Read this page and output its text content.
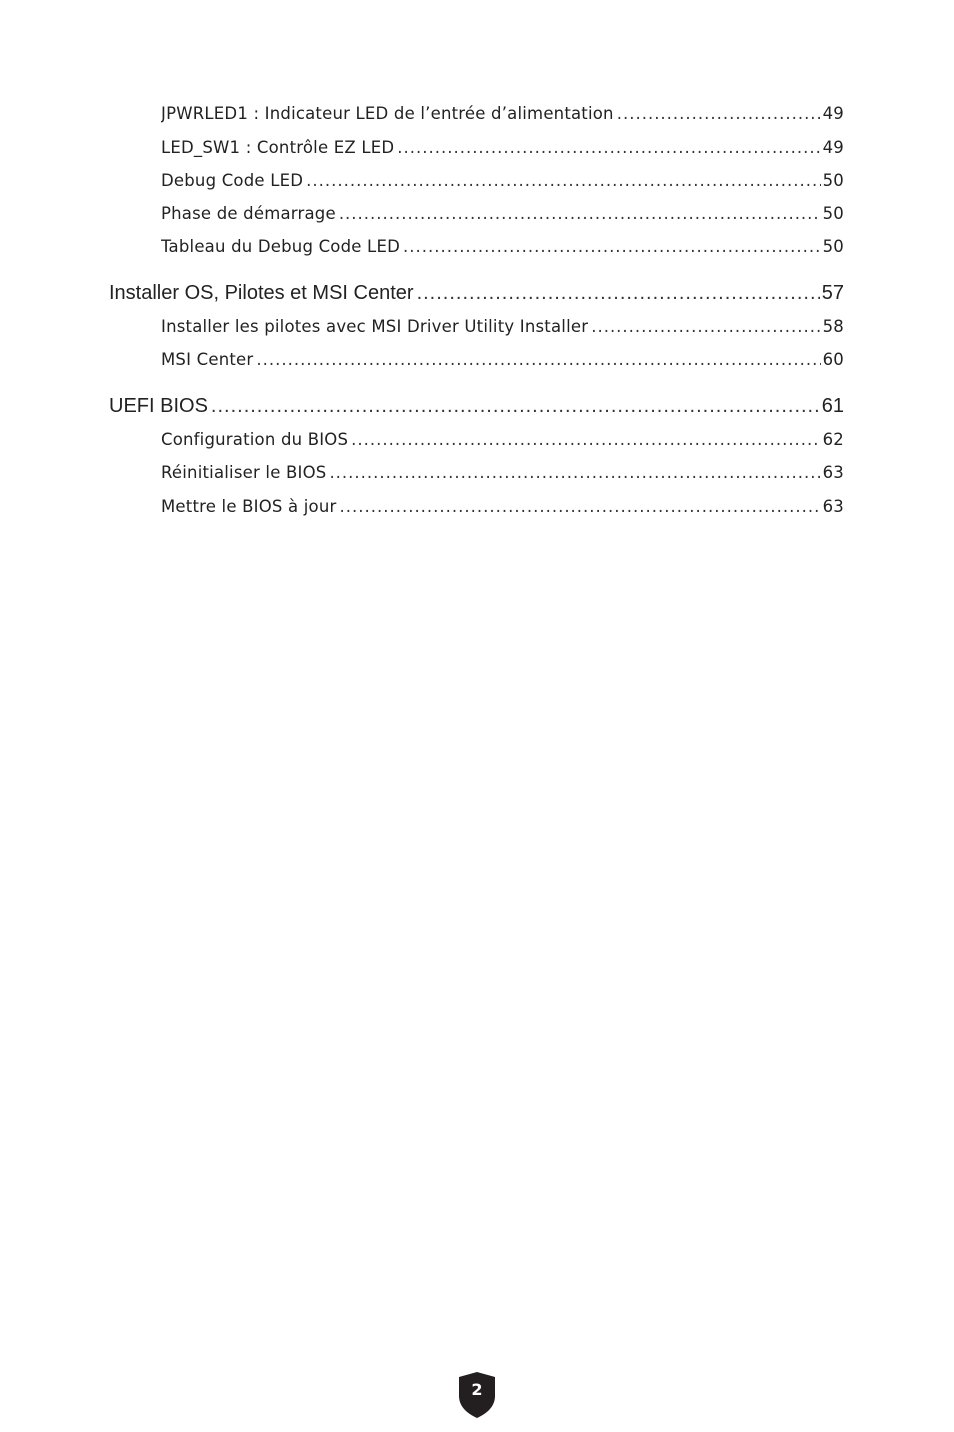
JPWRLED1 : Indicateur LED de l’entrée d’alimentation .....	49
LED_SW1 : Contrôle EZ LED .....	49
Debug Code LED .....	50
Phase de démarrage .....	50
Tableau du Debug Code LED .....	50
Installer OS, Pilotes et MSI Center .....	57
Installer les pilotes avec MSI Driver Utility Installer .....	58
MSI Center .....	60
UEFI BIOS .....	61
Configuration du BIOS .....	62
Réinitialiser le BIOS .....	63
Mettre le BIOS à jour .....	63
2
